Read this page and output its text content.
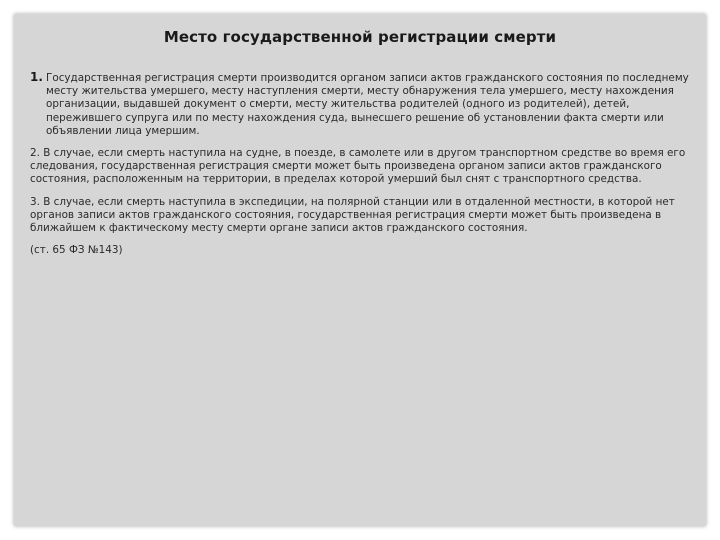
Место государственной регистрации смерти
1. Государственная регистрация смерти производится органом записи актов гражданского состояния по последнему месту жительства умершего, месту наступления смерти, месту обнаружения тела умершего, месту нахождения организации, выдавшей документ о смерти, месту жительства родителей (одного из родителей), детей, пережившего супруга или по месту нахождения суда, вынесшего решение об установлении факта смерти или объявлении лица умершим.
2. В случае, если смерть наступила на судне, в поезде, в самолете или в другом транспортном средстве во время его следования, государственная регистрация смерти может быть произведена органом записи актов гражданского состояния, расположенным на территории, в пределах которой умерший был снят с транспортного средства.
3. В случае, если смерть наступила в экспедиции, на полярной станции или в отдаленной местности, в которой нет органов записи актов гражданского состояния, государственная регистрация смерти может быть произведена в ближайшем к фактическому месту смерти органе записи актов гражданского состояния.
(ст. 65 ФЗ №143)
